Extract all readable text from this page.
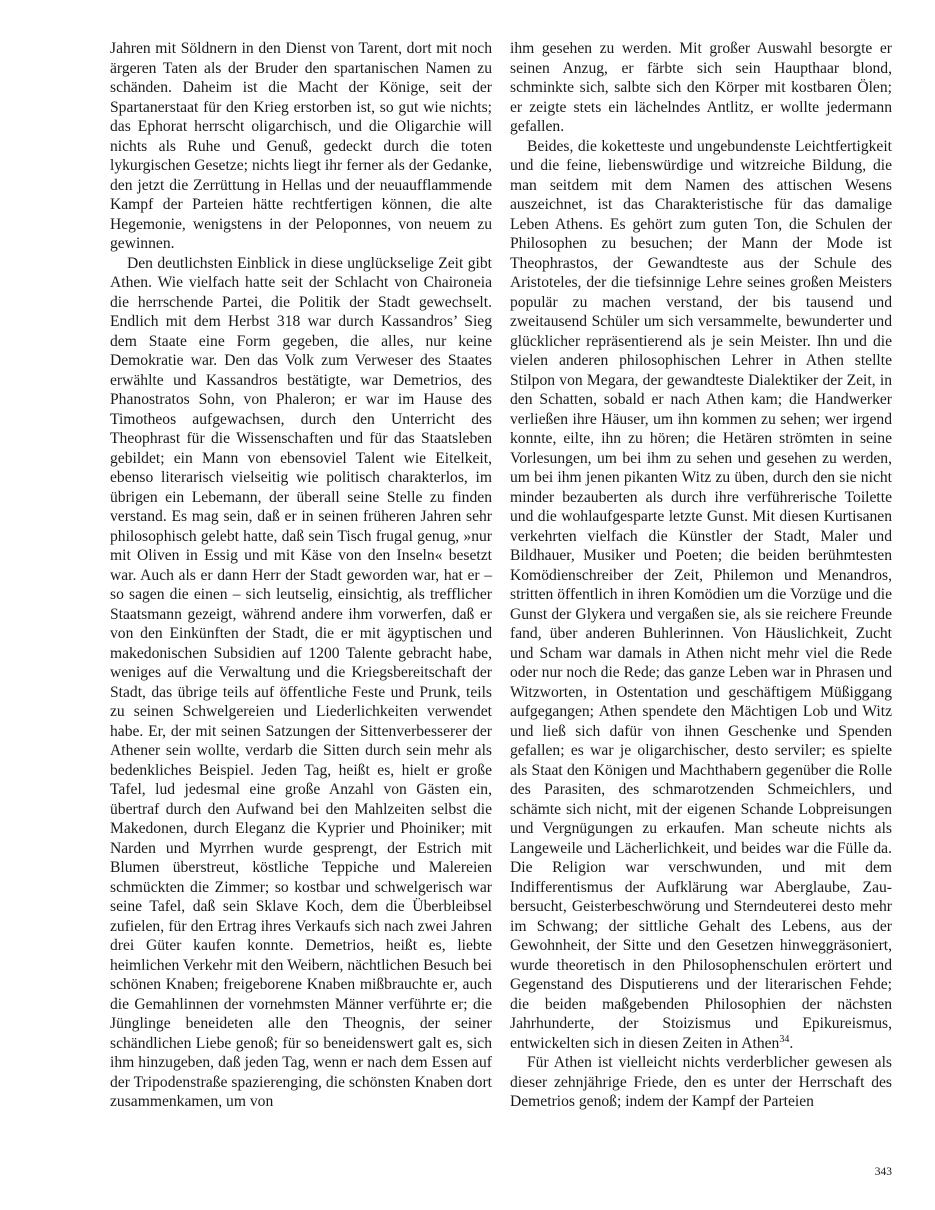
Jahren mit Söldnern in den Dienst von Tarent, dort mit noch ärgeren Taten als der Bruder den spartanischen Namen zu schänden. Daheim ist die Macht der Könige, seit der Spartanerstaat für den Krieg erstorben ist, so gut wie nichts; das Ephorat herrscht oligarchisch, und die Oligarchie will nichts als Ruhe und Genuß, gedeckt durch die toten lykurgischen Gesetze; nichts liegt ihr ferner als der Gedanke, den jetzt die Zerrüttung in Hellas und der neuaufflammende Kampf der Parteien hätte rechtfertigen können, die alte Hegemonie, wenigstens in der Peloponnes, von neuem zu gewinnen.

Den deutlichsten Einblick in diese unglückselige Zeit gibt Athen. Wie vielfach hatte seit der Schlacht von Chaironeia die herrschende Partei, die Politik der Stadt gewechselt. Endlich mit dem Herbst 318 war durch Kassandros’ Sieg dem Staate eine Form gegeben, die alles, nur keine Demokratie war. Den das Volk zum Verweser des Staates erwählte und Kassandros bestätigte, war Demetrios, des Phanostratos Sohn, von Phaleron; er war im Hause des Timotheos aufgewachsen, durch den Unterricht des Theophrast für die Wissenschaften und für das Staatsleben gebildet; ein Mann von ebensoviel Talent wie Eitelkeit, ebenso literarisch vielseitig wie politisch charakterlos, im übrigen ein Lebemann, der überall seine Stelle zu finden verstand. Es mag sein, daß er in seinen früheren Jahren sehr philosophisch gelebt hatte, daß sein Tisch frugal genug, »nur mit Oliven in Essig und mit Käse von den Inseln« besetzt war. Auch als er dann Herr der Stadt geworden war, hat er – so sagen die einen – sich leutselig, einsichtig, als trefflicher Staatsmann gezeigt, während andere ihm vorwerfen, daß er von den Einkünften der Stadt, die er mit ägyptischen und makedonischen Subsidien auf 1200 Talente gebracht habe, weniges auf die Verwaltung und die Kriegsbereitschaft der Stadt, das übrige teils auf öffentliche Feste und Prunk, teils zu seinen Schwelgereien und Liederlichkeiten verwendet habe. Er, der mit seinen Satzungen der Sittenverbesserer der Athener sein wollte, verdarb die Sitten durch sein mehr als bedenkliches Beispiel. Jeden Tag, heißt es, hielt er große Tafel, lud jedesmal eine große Anzahl von Gästen ein, übertraf durch den Aufwand bei den Mahlzeiten selbst die Makedonen, durch Eleganz die Kyprier und Phoiniker; mit Narden und Myrrhen wurde gesprengt, der Estrich mit Blumen überstreut, köstliche Teppiche und Malereien schmückten die Zimmer; so kostbar und schwelgerisch war seine Tafel, daß sein Sklave Koch, dem die Überbleibsel zufielen, für den Ertrag ihres Verkaufs sich nach zwei Jahren drei Güter kaufen konnte. Demetrios, heißt es, liebte heimlichen Verkehr mit den Weibern, nächtlichen Besuch bei schönen Knaben; freigeborene Knaben mißbrauchte er, auch die Gemahlinnen der vornehmsten Männer verführte er; die Jünglinge beneideten alle den Theognis, der seiner schändlichen Liebe genoß; für so beneidenswert galt es, sich ihm hinzugeben, daß jeden Tag, wenn er nach dem Essen auf der Tripodenstraße spazierenging, die schönsten Knaben dort zusammenkamen, um von

ihm gesehen zu werden. Mit großer Auswahl besorgte er seinen Anzug, er färbte sich sein Haupthaar blond, schminkte sich, salbte sich den Körper mit kostbaren Ölen; er zeigte stets ein lächelndes Antlitz, er wollte jedermann gefallen.

Beides, die koketteste und ungebundenste Leichtfertigkeit und die feine, liebenswürdige und witzreiche Bildung, die man seitdem mit dem Namen des attischen Wesens auszeichnet, ist das Charakteristische für das damalige Leben Athens. Es gehört zum guten Ton, die Schulen der Philosophen zu besuchen; der Mann der Mode ist Theophrastos, der Gewandteste aus der Schule des Aristoteles, der die tiefsinnige Lehre seines großen Meisters populär zu machen verstand, der bis tausend und zweitausend Schüler um sich versammelte, bewunderter und glücklicher repräsentierend als je sein Meister. Ihn und die vielen anderen philosophischen Lehrer in Athen stellte Stilpon von Megara, der gewandteste Dialektiker der Zeit, in den Schatten, sobald er nach Athen kam; die Handwerker verließen ihre Häuser, um ihn kommen zu sehen; wer irgend konnte, eilte, ihn zu hören; die Hetären strömten in seine Vorlesungen, um bei ihm zu sehen und gesehen zu werden, um bei ihm jenen pikanten Witz zu üben, durch den sie nicht minder bezauberten als durch ihre verführerische Toilette und die wohlaufgesparte letzte Gunst. Mit diesen Kurtisanen verkehrten vielfach die Künstler der Stadt, Maler und Bildhauer, Musiker und Poeten; die beiden berühmtesten Komödienschreiber der Zeit, Philemon und Menandros, stritten öffentlich in ihren Komödien um die Vorzüge und die Gunst der Glykera und vergaßen sie, als sie reichere Freunde fand, über anderen Buhlerinnen. Von Häuslichkeit, Zucht und Scham war damals in Athen nicht mehr viel die Rede oder nur noch die Rede; das ganze Leben war in Phrasen und Witzworten, in Ostentation und geschäftigem Müßiggang aufgegangen; Athen spendete den Mächtigen Lob und Witz und ließ sich dafür von ihnen Geschenke und Spenden gefallen; es war je oligarchischer, desto serviler; es spielte als Staat den Königen und Machthabern gegenüber die Rolle des Parasiten, des schmarotzenden Schmeichlers, und schämte sich nicht, mit der eigenen Schande Lobpreisungen und Vergnügungen zu erkaufen. Man scheute nichts als Langeweile und Lächerlichkeit, und beides war die Fülle da. Die Religion war verschwunden, und mit dem Indifferentismus der Aufklärung war Aberglaube, Zaubersucht, Geisterbeschwörung und Sterndeuterei desto mehr im Schwang; der sittliche Gehalt des Lebens, aus der Gewohnheit, der Sitte und den Gesetzen hinweggräsoniert, wurde theoretisch in den Philosophenschulen erörtert und Gegenstand des Disputierens und der literarischen Fehde; die beiden maßgebenden Philosophien der nächsten Jahrhunderte, der Stoizismus und Epikureismus, entwickelten sich in diesen Zeiten in Athen$^{34}$.

Für Athen ist vielleicht nichts verderblicher gewesen als dieser zehnjährige Friede, den es unter der Herrschaft des Demetrios genoß; indem der Kampf der Parteien

343
